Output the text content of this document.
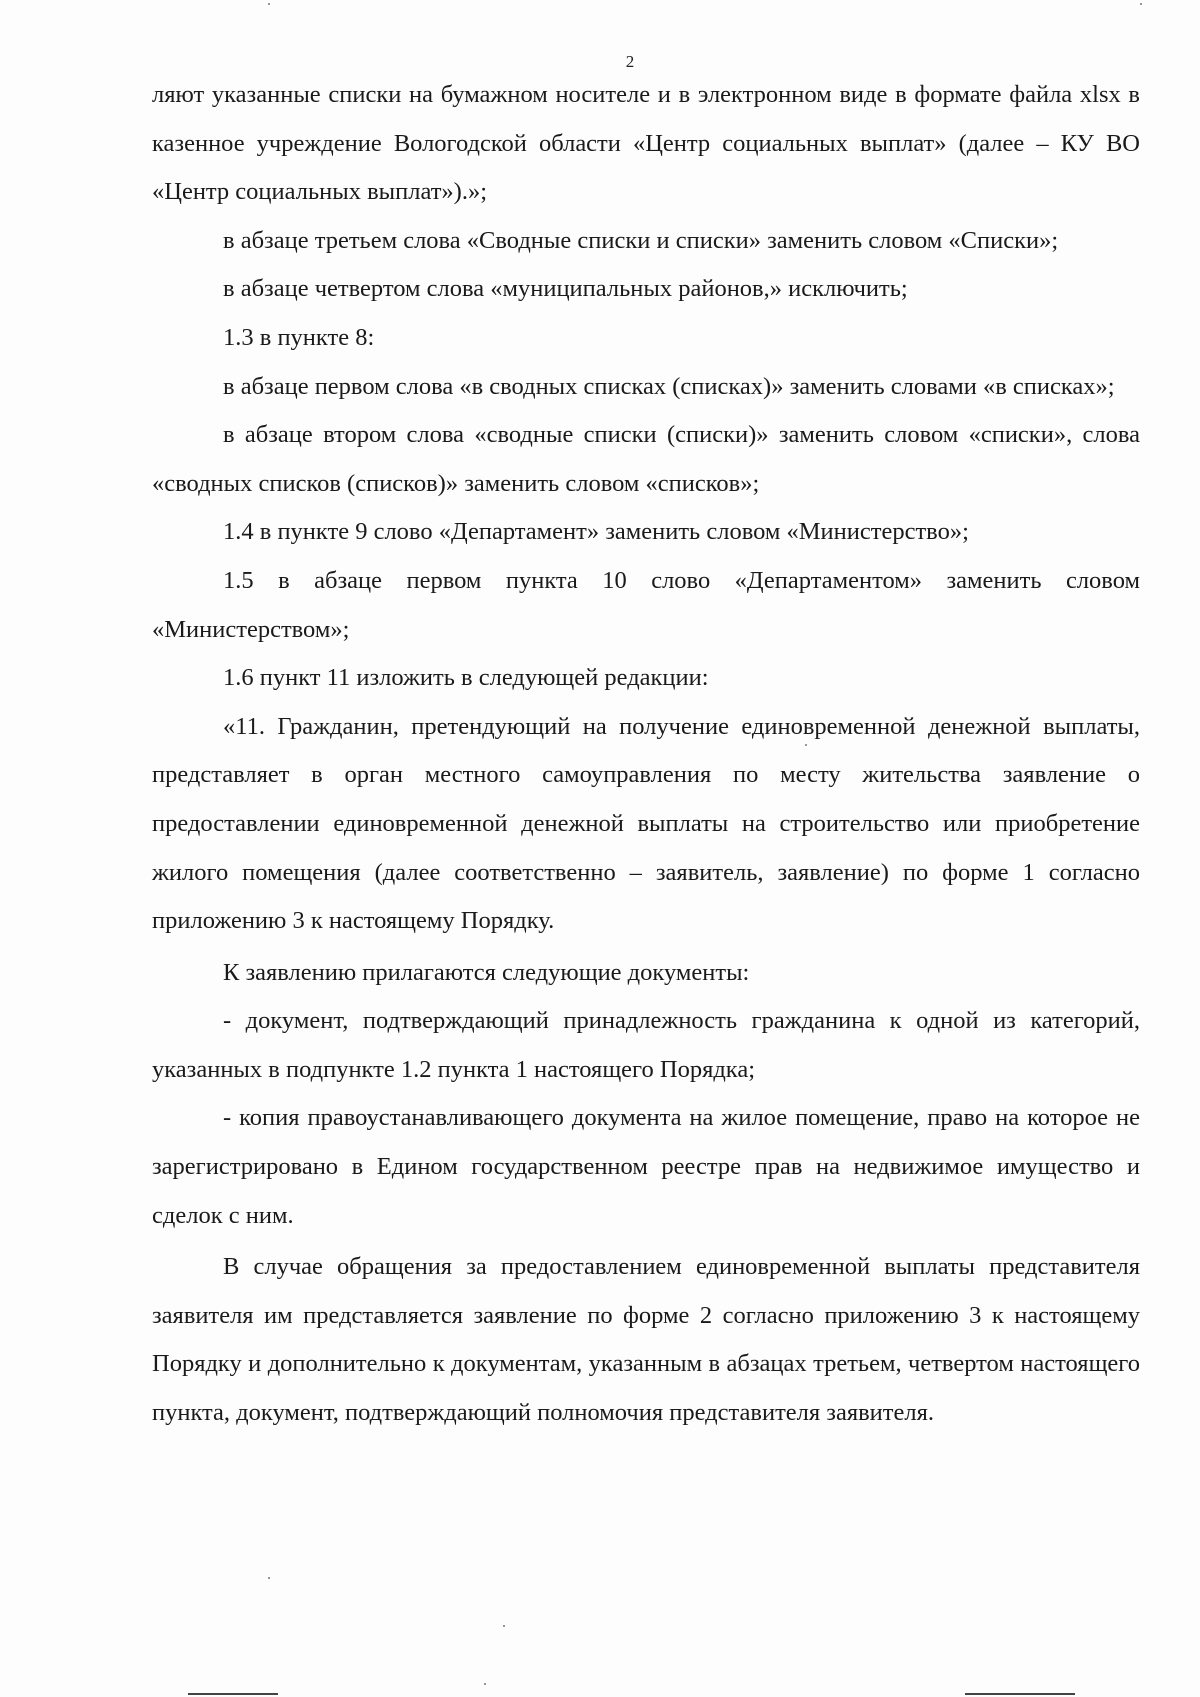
2

ляют указанные списки на бумажном носителе и в электронном виде в формате файла xlsx в казенное учреждение Вологодской области «Центр социальных выплат» (далее – КУ ВО «Центр социальных выплат»).»;

в абзаце третьем слова «Сводные списки и списки» заменить словом «Списки»;

в абзаце четвертом слова «муниципальных районов,» исключить;

1.3 в пункте 8:

в абзаце первом слова «в сводных списках (списках)» заменить словами «в списках»;

в абзаце втором слова «сводные списки (списки)» заменить словом «списки», слова «сводных списков (списков)» заменить словом «списков»;

1.4 в пункте 9 слово «Департамент» заменить словом «Министерство»;

1.5 в абзаце первом пункта 10 слово «Департаментом» заменить словом «Министерством»;

1.6 пункт 11 изложить в следующей редакции:

«11. Гражданин, претендующий на получение единовременной денежной выплаты, представляет в орган местного самоуправления по месту жительства заявление о предоставлении единовременной денежной выплаты на строительство или приобретение жилого помещения (далее соответственно – заявитель, заявление) по форме 1 согласно приложению 3 к настоящему Порядку.

К заявлению прилагаются следующие документы:

- документ, подтверждающий принадлежность гражданина к одной из категорий, указанных в подпункте 1.2 пункта 1 настоящего Порядка;

- копия правоустанавливающего документа на жилое помещение, право на которое не зарегистрировано в Едином государственном реестре прав на недвижимое имущество и сделок с ним.

В случае обращения за предоставлением единовременной выплаты представителя заявителя им представляется заявление по форме 2 согласно приложению 3 к настоящему Порядку и дополнительно к документам, указанным в абзацах третьем, четвертом настоящего пункта, документ, подтверждающий полномочия представителя заявителя.
